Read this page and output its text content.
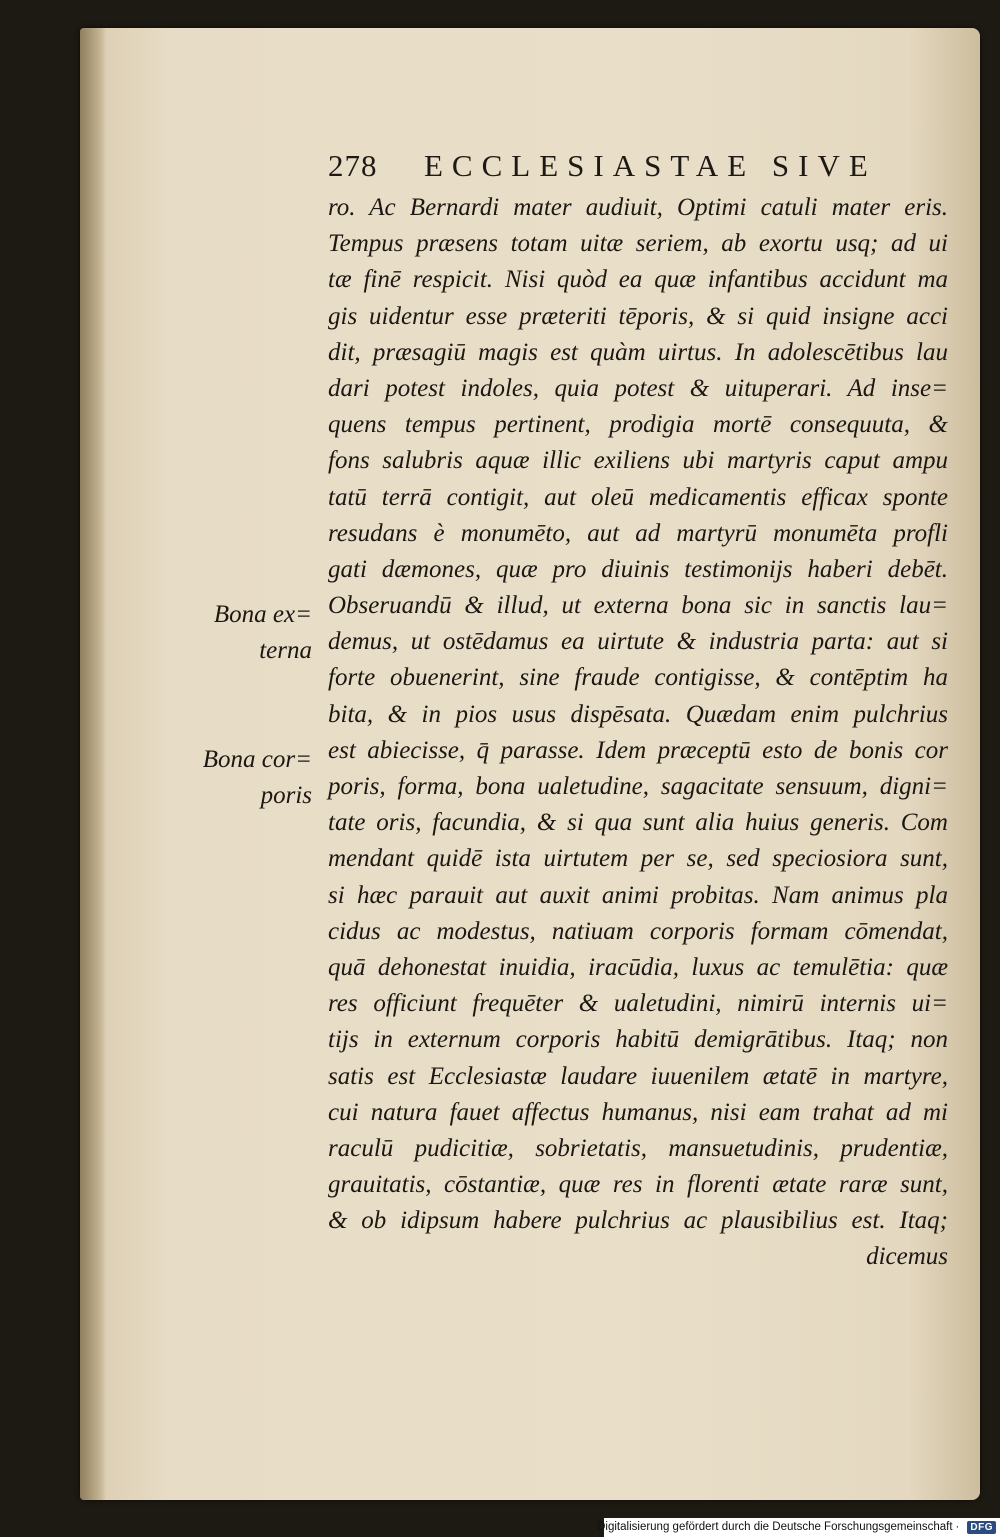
278 ECCLESIASTAE SIVE
ro. Ac Bernardi mater audiuit, Optimi catuli mater eris.
Tempus præsens totam uitæ seriem, ab exortu usq; ad ui
tæ finē respicit. Nisi quòd ea quæ infantibus accidunt ma
gis uidentur esse præteriti tēporis, & si quid insigne acci
dit, præsagiū magis est quàm uirtus. In adolescētibus lau
dari potest indoles, quia potest & uituperari. Ad inse=
quens tempus pertinent, prodigia mortē consequuta, &
fons salubris aquæ illic exiliens ubi martyris caput ampu
tatū terrā contigit, aut oleū medicamentis efficax sponte
resudans è monumēto, aut ad martyrū monumēta profli
gati dæmones, quæ pro diuinis testimonijs haberi debēt.
Obseruandū & illud, ut externa bona sic in sanctis lau=
demus, ut ostēdamus ea uirtute & industria parta: aut si
forte obuenerint, sine fraude contigisse, & contēptim ha
bita, & in pios usus dispēsata. Quædam enim pulchrius
est abiecisse, q̄ parasse. Idem præceptū esto de bonis cor
poris, forma, bona ualetudine, sagacitate sensuum, digni=
tate oris, facundia, & si qua sunt alia huius generis. Com
mendant quidē ista uirtutem per se, sed speciosiora sunt,
si hæc parauit aut auxit animi probitas. Nam animus pla
cidus ac modestus, natiuam corporis formam cōmendat,
quā dehonestat inuidia, iracūdia, luxus ac temulētia: quæ
res officiunt frequēter & ualetudini, nimirū internis ui=
tijs in externum corporis habitū demigrātibus. Itaq; non
satis est Ecclesiastæ laudare iuuenilem ætatē in martyre,
cui natura fauet affectus humanus, nisi eam trahat ad mi
raculū pudicitiæ, sobrietatis, mansuetudinis, prudentiæ,
grauitatis, cōstantiæ, quæ res in florenti ætate raræ sunt,
& ob idipsum habere pulchrius ac plausibilius est. Itaq;
dicemus
Bona ex=
terna
Bona cor=
poris
Digitalisierung gefördert durch die Deutsche Forschungsgemeinschaft ·	DFG
